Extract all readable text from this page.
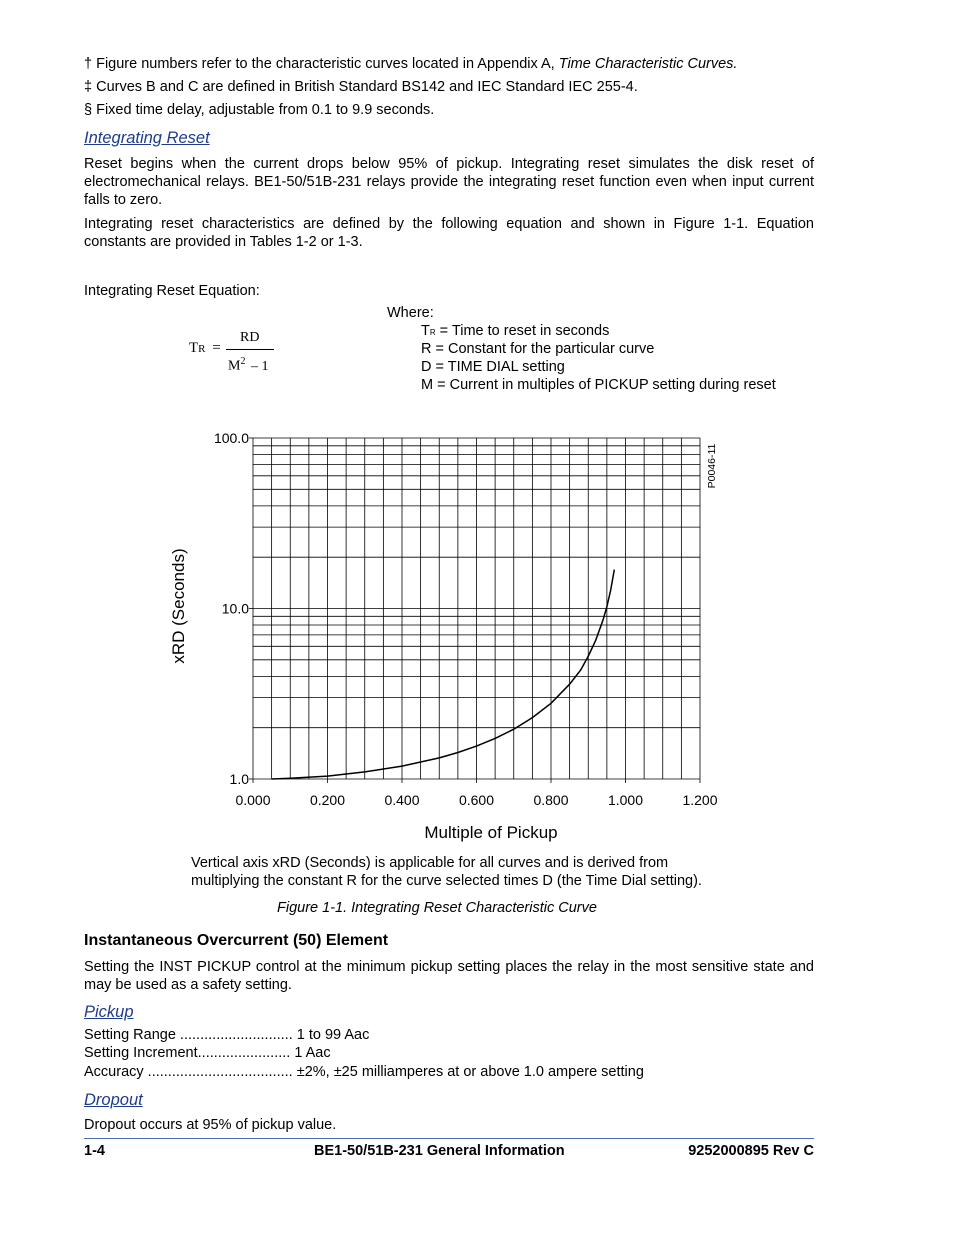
† Figure numbers refer to the characteristic curves located in Appendix A, Time Characteristic Curves.
‡ Curves B and C are defined in British Standard BS142 and IEC Standard IEC 255-4.
§ Fixed time delay, adjustable from 0.1 to 9.9 seconds.
Integrating Reset
Reset begins when the current drops below 95% of pickup. Integrating reset simulates the disk reset of electromechanical relays. BE1-50/51B-231 relays provide the integrating reset function even when input current falls to zero.
Integrating reset characteristics are defined by the following equation and shown in Figure 1-1. Equation constants are provided in Tables 1-2 or 1-3.
Integrating Reset Equation:
TR =
RD
$M^2 - 1$
Where:
TR = Time to reset in seconds
R = Constant for the particular curve
D = TIME DIAL setting
M = Current in multiples of PICKUP setting during reset
0.000	0.200	0.400	0.600	0.800	1.000	1.200
1.0
10.0
100.0
xRD (Seconds)
Multiple of Pickup
P0046-11
Vertical axis xRD (Seconds) is applicable for all curves and is derived from
multiplying the constant R for the curve selected times D (the Time Dial setting).
Figure 1-1. Integrating Reset Characteristic Curve
Instantaneous Overcurrent (50) Element
Setting the INST PICKUP control at the minimum pickup setting places the relay in the most sensitive state and may be used as a safety setting.
Pickup
Setting Range ............................ 1 to 99 Aac
Setting Increment....................... 1 Aac
Accuracy .................................... ±2%, ±25 milliamperes at or above 1.0 ampere setting
Dropout
Dropout occurs at 95% of pickup value.
1-4	BE1-50/51B-231 General Information	9252000895 Rev C
